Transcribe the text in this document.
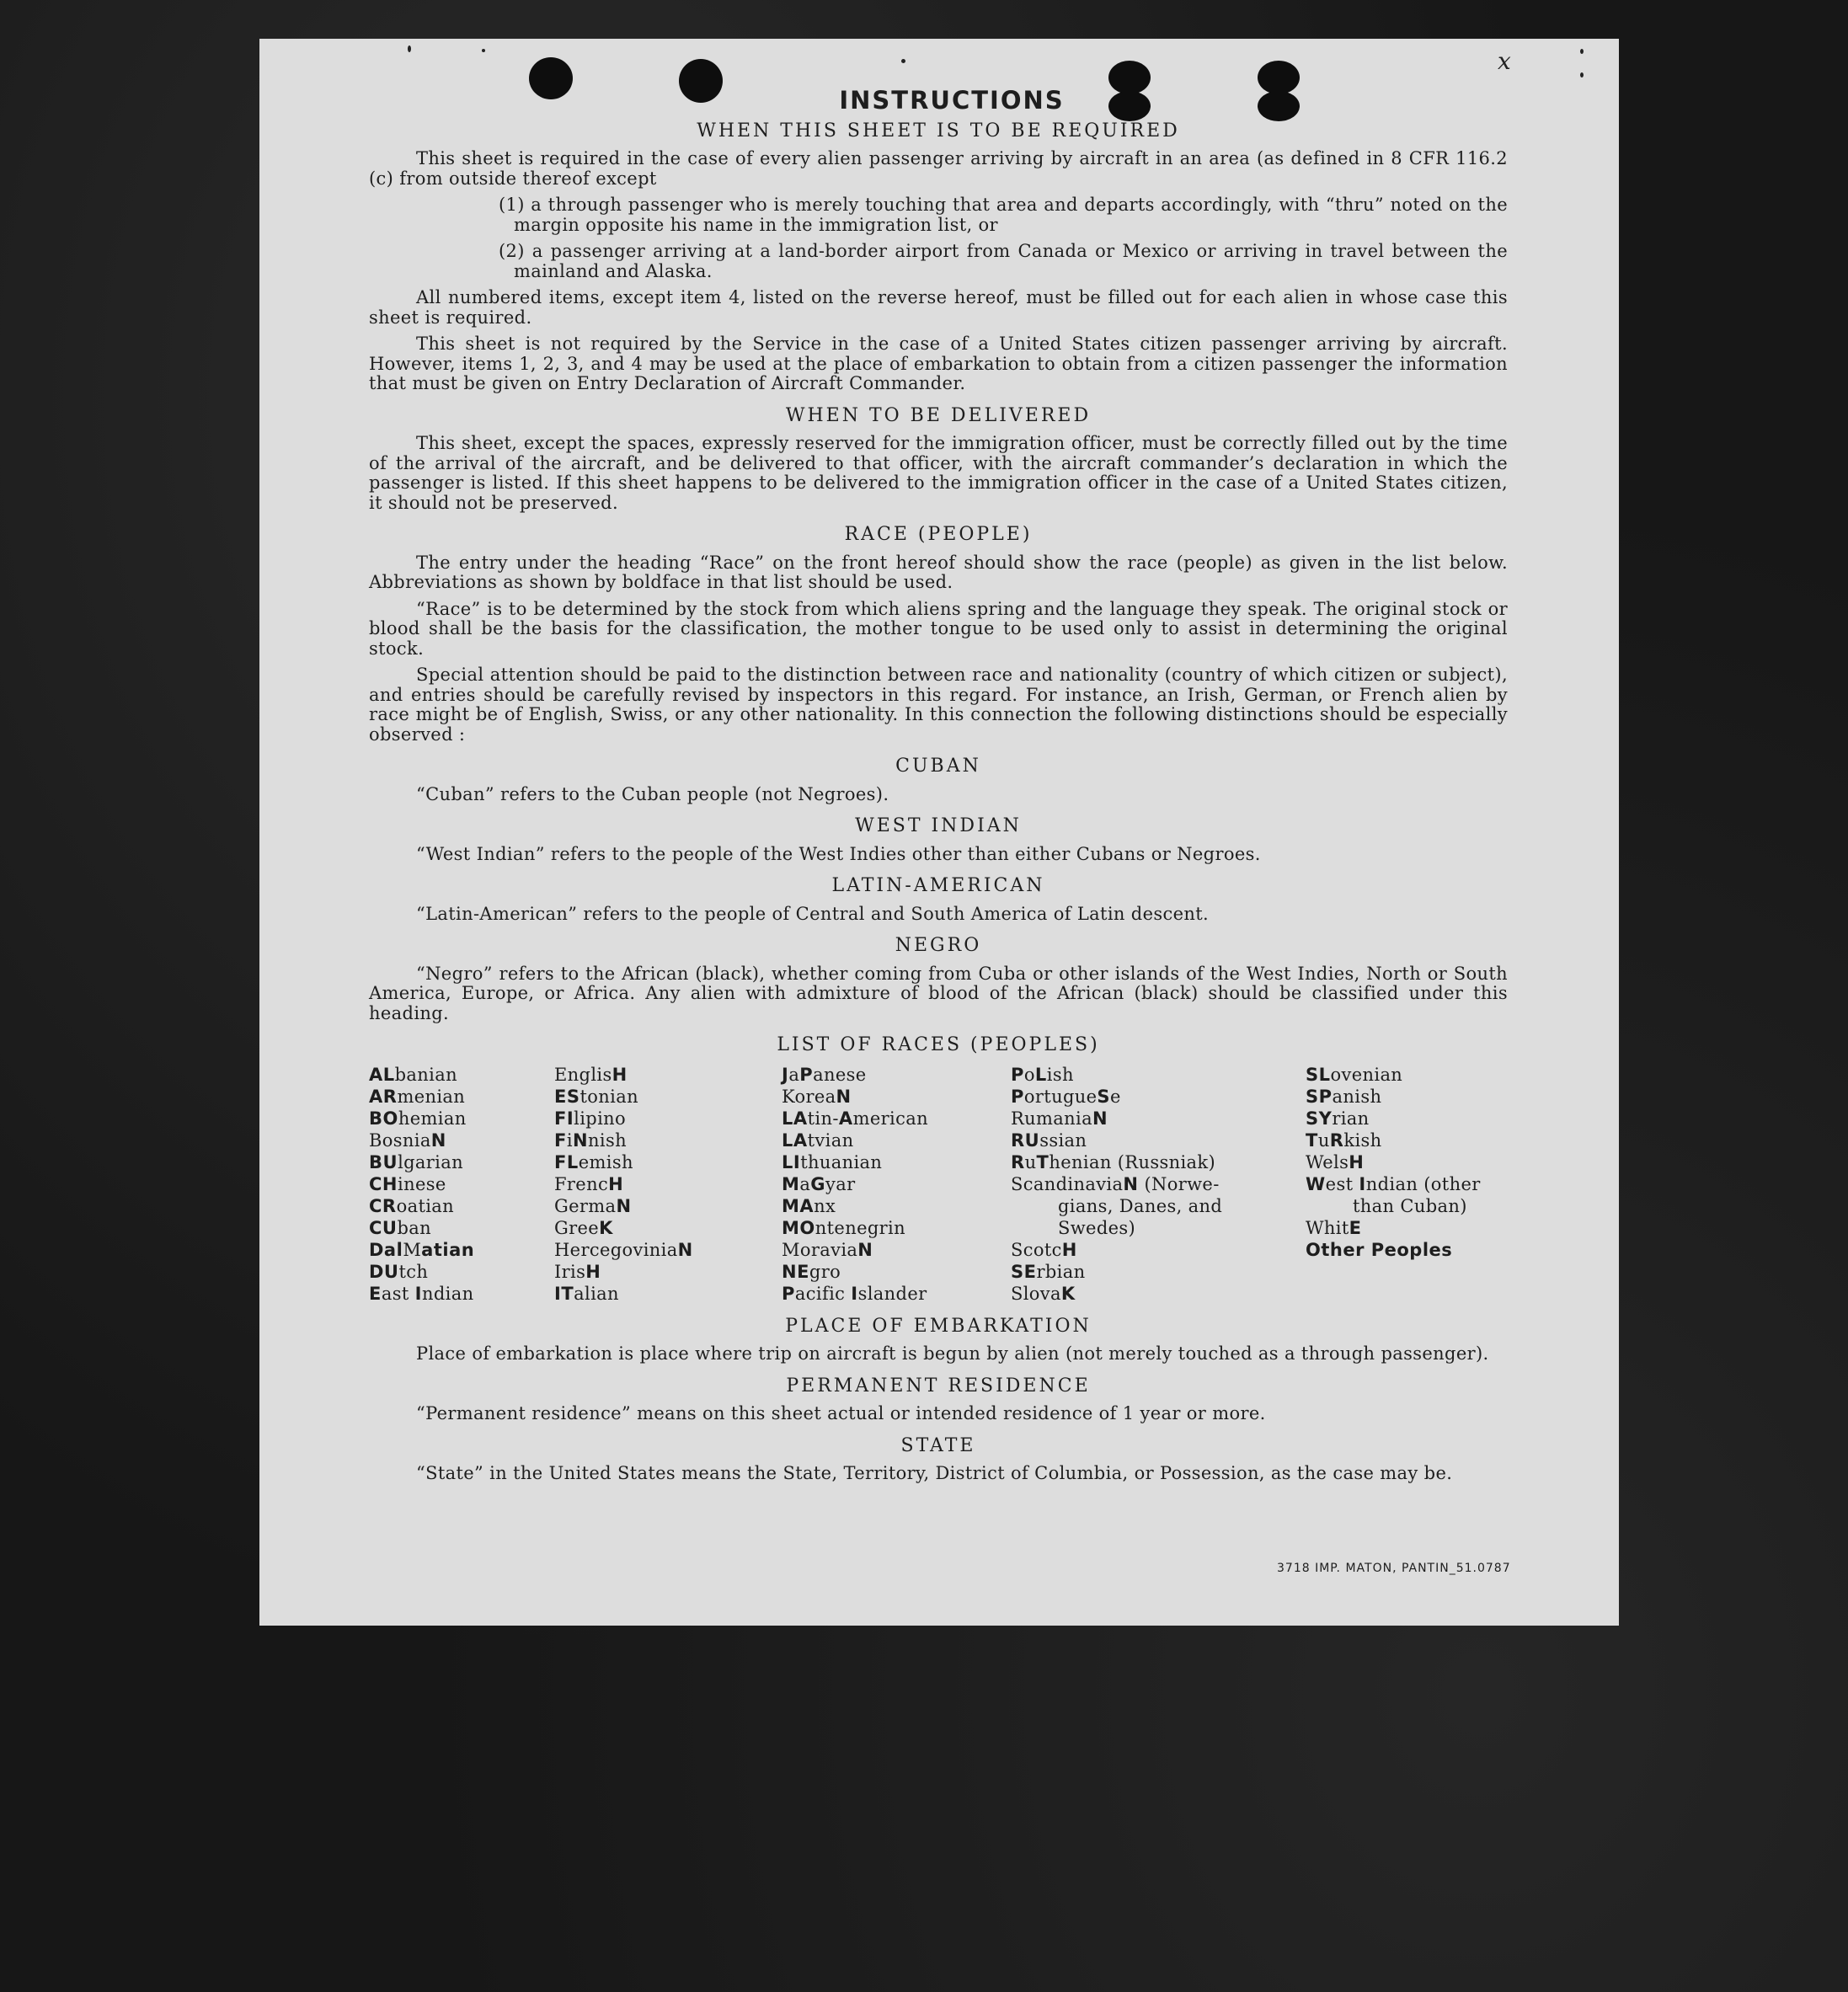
x
INSTRUCTIONS
WHEN THIS SHEET IS TO BE REQUIRED

This sheet is required in the case of every alien passenger arriving by aircraft in an area (as defined in 8 CFR 116.2 (c) from outside thereof except

(1) a through passenger who is merely touching that area and departs accordingly, with “thru” noted on the margin opposite his name in the immigration list, or

(2) a passenger arriving at a land-border airport from Canada or Mexico or arriving in travel between the mainland and Alaska.

All numbered items, except item 4, listed on the reverse hereof, must be filled out for each alien in whose case this sheet is required.

This sheet is not required by the Service in the case of a United States citizen passenger arriving by aircraft. However, items 1, 2, 3, and 4 may be used at the place of embarkation to obtain from a citizen passenger the information that must be given on Entry Declaration of Aircraft Commander.

WHEN TO BE DELIVERED

This sheet, except the spaces, expressly reserved for the immigration officer, must be correctly filled out by the time of the arrival of the aircraft, and be delivered to that officer, with the aircraft commander’s declaration in which the passenger is listed. If this sheet happens to be delivered to the immigration officer in the case of a United States citizen, it should not be preserved.

RACE (PEOPLE)

The entry under the heading “Race” on the front hereof should show the race (people) as given in the list below. Abbreviations as shown by boldface in that list should be used.

“Race” is to be determined by the stock from which aliens spring and the language they speak. The original stock or blood shall be the basis for the classification, the mother tongue to be used only to assist in determining the original stock.

Special attention should be paid to the distinction between race and nationality (country of which citizen or subject), and entries should be carefully revised by inspectors in this regard. For instance, an Irish, German, or French alien by race might be of English, Swiss, or any other nationality. In this connection the following distinctions should be especially observed :

CUBAN

“Cuban” refers to the Cuban people (not Negroes).

WEST INDIAN

“West Indian” refers to the people of the West Indies other than either Cubans or Negroes.

LATIN-AMERICAN

“Latin-American” refers to the people of Central and South America of Latin descent.

NEGRO

“Negro” refers to the African (black), whether coming from Cuba or other islands of the West Indies, North or South America, Europe, or Africa. Any alien with admixture of blood of the African (black) should be classified under this heading.

LIST OF RACES (PEOPLES)
ALbanian
ARmenian
BOhemian
BosniaN
BUlgarian
CHinese
CRoatian
CUban
DalMatian
DUtch
East Indian
EnglisH
EStonian
FIlipino
FiNnish
FLemish
FrencH
GermaN
GreeK
HercegoviniaN
IrisH
ITalian
JaPanese
KoreaN
LAtin-American
LAtvian
LIthuanian
MaGyar
MAnx
MOntenegrin
MoraviaN
NEgro
Pacific Islander
PoLish
PortugueSe
RumaniaN
RUssian
RuThenian (Russniak)
ScandinaviaN (Norwe-
gians, Danes, and
Swedes)
ScotcH
SErbian
SlovaK
SLovenian
SPanish
SYrian
TuRkish
WelsH
West Indian (other
than Cuban)
WhitE
Other Peoples
PLACE OF EMBARKATION

Place of embarkation is place where trip on aircraft is begun by alien (not merely touched as a through passenger).

PERMANENT RESIDENCE

“Permanent residence” means on this sheet actual or intended residence of 1 year or more.

STATE

“State” in the United States means the State, Territory, District of Columbia, or Possession, as the case may be.

3718 IMP. MATON, PANTIN_51.0787
